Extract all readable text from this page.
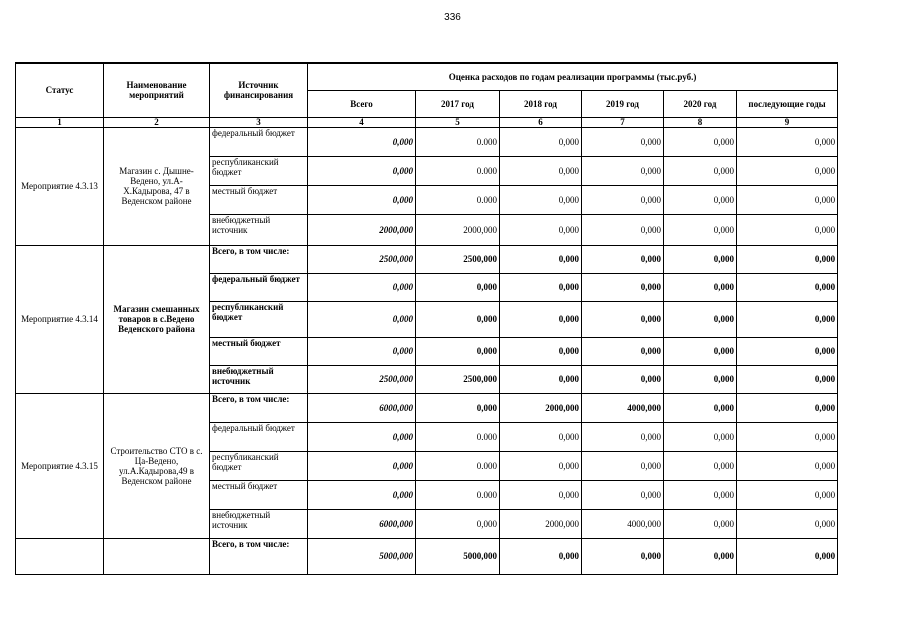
336
Статус	Наименование мероприятий	Источник финансирования	Оценка расходов по годам реализации программы (тыс.руб.)					
			Всего	2017 год	2018 год	2019 год	2020 год	последующие годы
1	2	3	4	5	6	7	8	9
Мероприятие 4.3.13	Магазин с. Дышне-Ведено, ул.А-Х.Кадырова, 47 в Веденском районе	федеральный бюджет	0,000	0.000	0,000	0,000	0,000	0,000
		республиканский бюджет	0,000	0.000	0,000	0,000	0,000	0,000
		местный бюджет	0,000	0.000	0,000	0,000	0,000	0,000
		внебюджетный источник	2000,000	2000,000	0,000	0,000	0,000	0,000
Мероприятие 4.3.14	Магазин смешанных товаров в с.Ведено Веденского района	Всего, в том числе:	2500,000	2500,000	0,000	0,000	0,000	0,000
		федеральный бюджет	0,000	0,000	0,000	0,000	0,000	0,000
		республиканский бюджет	0,000	0,000	0,000	0,000	0,000	0,000
		местный бюджет	0,000	0,000	0,000	0,000	0,000	0,000
		внебюджетный источник	2500,000	2500,000	0,000	0,000	0,000	0,000
Мероприятие 4.3.15	Строительство СТО в с. Ца-Ведено, ул.А.Кадырова,49 в Веденском районе	Всего, в том числе:	6000,000	0,000	2000,000	4000,000	0,000	0,000
		федеральный бюджет	0,000	0.000	0,000	0,000	0,000	0,000
		республиканский бюджет	0,000	0.000	0,000	0,000	0,000	0,000
		местный бюджет	0,000	0.000	0,000	0,000	0,000	0,000
		внебюджетный источник	6000,000	0,000	2000,000	4000,000	0,000	0,000
		Всего, в том числе:	5000,000	5000,000	0,000	0,000	0,000	0,000
